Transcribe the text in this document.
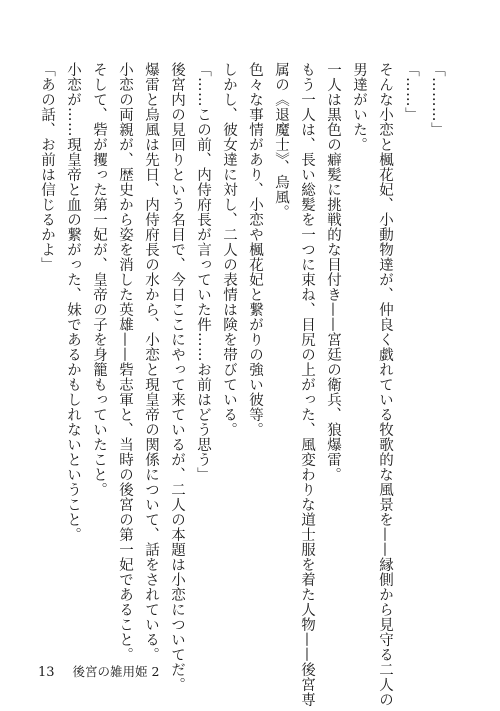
「………」
「……」
そんな小恋と楓花妃、小動物達が、仲良く戯れている牧歌的な風景を——縁側から見守る二人の
男達がいた。
一人は黒色の癖髪に挑戦的な目付き——宮廷の衛兵、狼爆雷。
もう一人は、長い総髪を一つに束ね、目尻の上がった、風変わりな道士服を着た人物——後宮専
属の《退魔士》、烏風。
色々な事情があり、小恋や楓花妃と繋がりの強い彼等。
しかし、彼女達に対し、二人の表情は険を帯びている。
「……この前、内侍府長が言っていた件……お前はどう思う」
後宮内の見回りという名目で、今日ここにやって来ているが、二人の本題は小恋についてだ。
爆雷と烏風は先日、内侍府長の水から、小恋と現皇帝の関係について、話をされている。
小恋の両親が、歴史から姿を消した英雄——砦志軍と、当時の後宮の第一妃であること。
そして、砦が攫った第一妃が、皇帝の子を身籠もっていたこと。
小恋が……現皇帝と血の繋がった、妹であるかもしれないということ。
「あの話、お前は信じるかよ」
13 後宮の雑用姫 2
